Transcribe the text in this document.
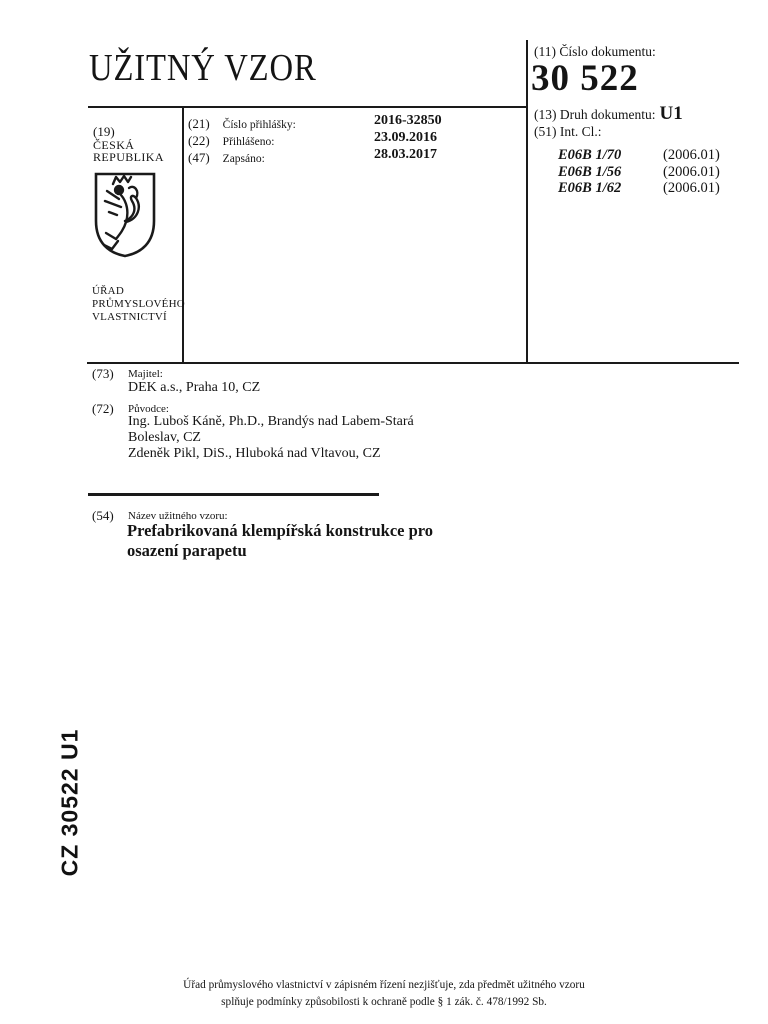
UŽITNÝ VZOR	(11) Číslo dokumentu:
30 522
(13) Druh dokumentu: U1
(51) Int. Cl.:
E06B 1/70	(2006.01)
E06B 1/56	(2006.01)
E06B 1/62	(2006.01)
(19)
ČESKÁ
REPUBLIKA
ÚŘAD
PRŮMYSLOVÉHO
VLASTNICTVÍ
(21) Číslo přihlášky:	2016-32850
(22) Přihlášeno:	23.09.2016
(47) Zapsáno:	28.03.2017
(73) Majitel:
DEK a.s., Praha 10, CZ
(72) Původce:
Ing. Luboš Káně, Ph.D., Brandýs nad Labem-Stará
Boleslav, CZ
Zdeněk Pikl, DiS., Hluboká nad Vltavou, CZ
(54) Název užitného vzoru:
Prefabrikovaná klempířská konstrukce pro
osazení parapetu
CZ 30522 U1
Úřad průmyslového vlastnictví v zápisném řízení nezjišťuje, zda předmět užitného vzoru
splňuje podmínky způsobilosti k ochraně podle § 1 zák. č. 478/1992 Sb.
